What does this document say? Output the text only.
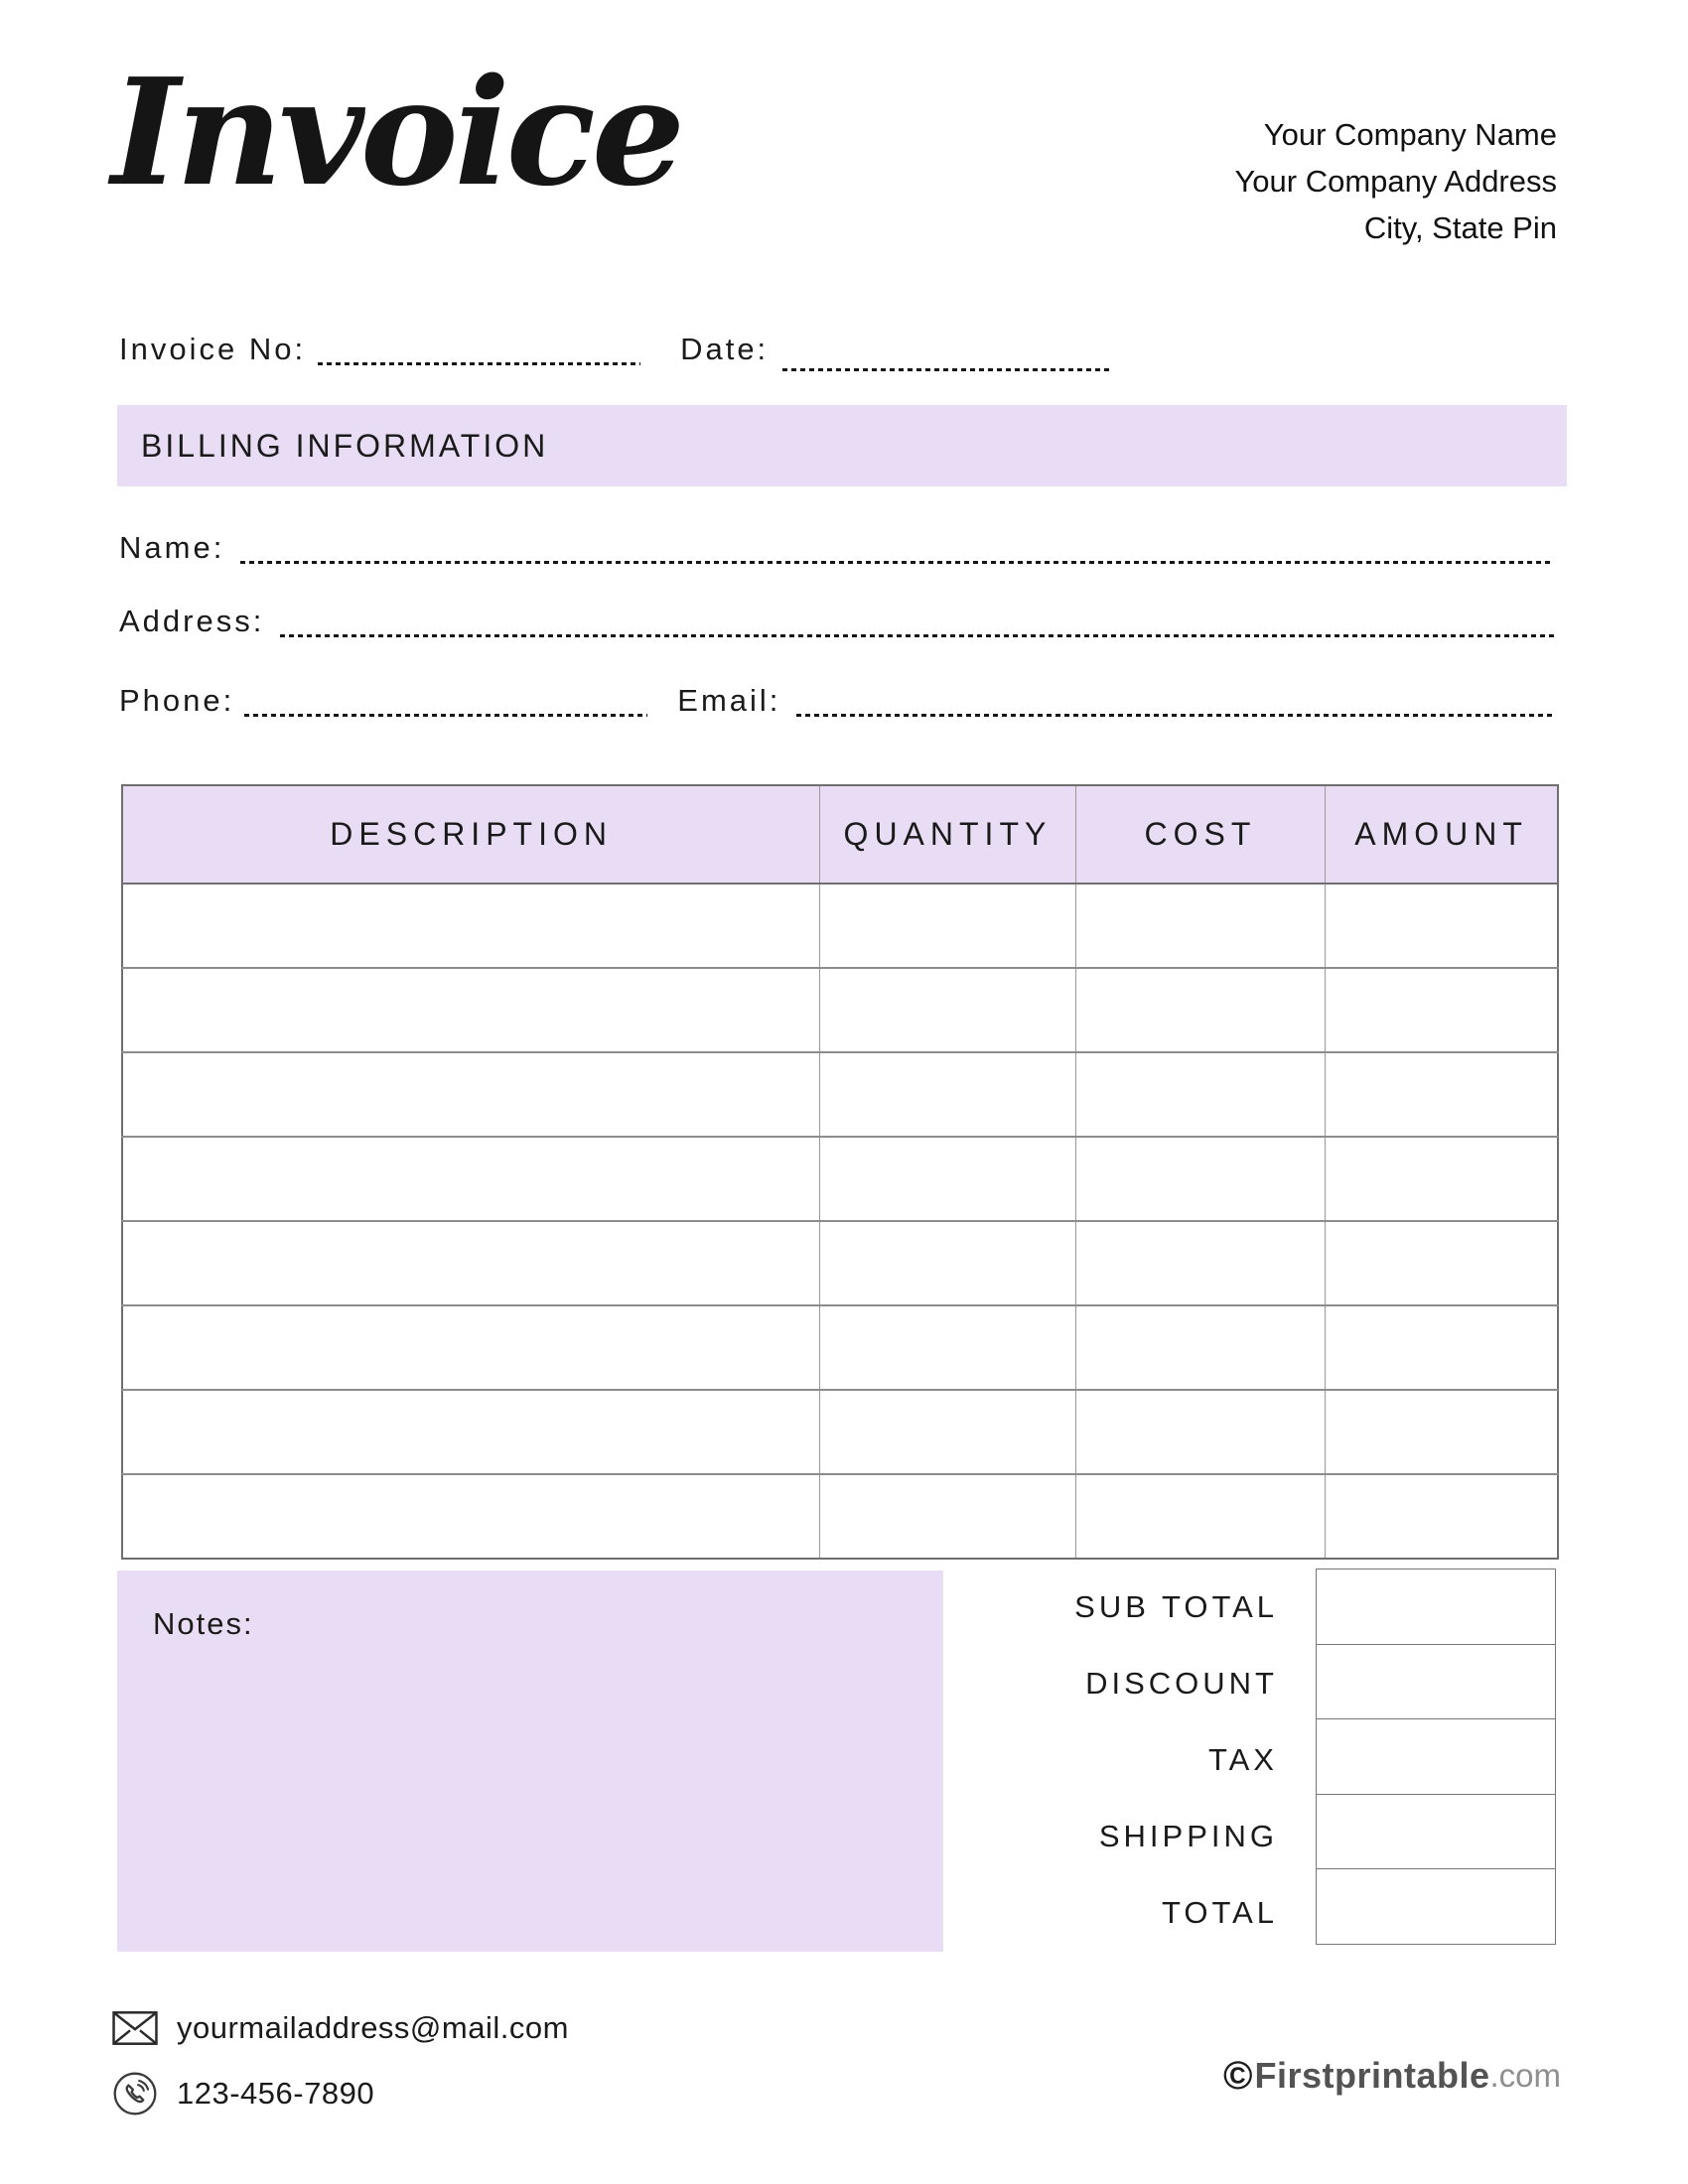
Invoice	Your Company Name
Your Company Address
City, State Pin
Invoice No:	Date:
BILLING INFORMATION
Name:
Address:
Phone:	Email:
DESCRIPTION	QUANTITY	COST	AMOUNT

Notes:	SUB TOTAL
DISCOUNT
TAX
SHIPPING
TOTAL
yourmailaddress@mail.com
123-456-7890	© Firstprintable .com
